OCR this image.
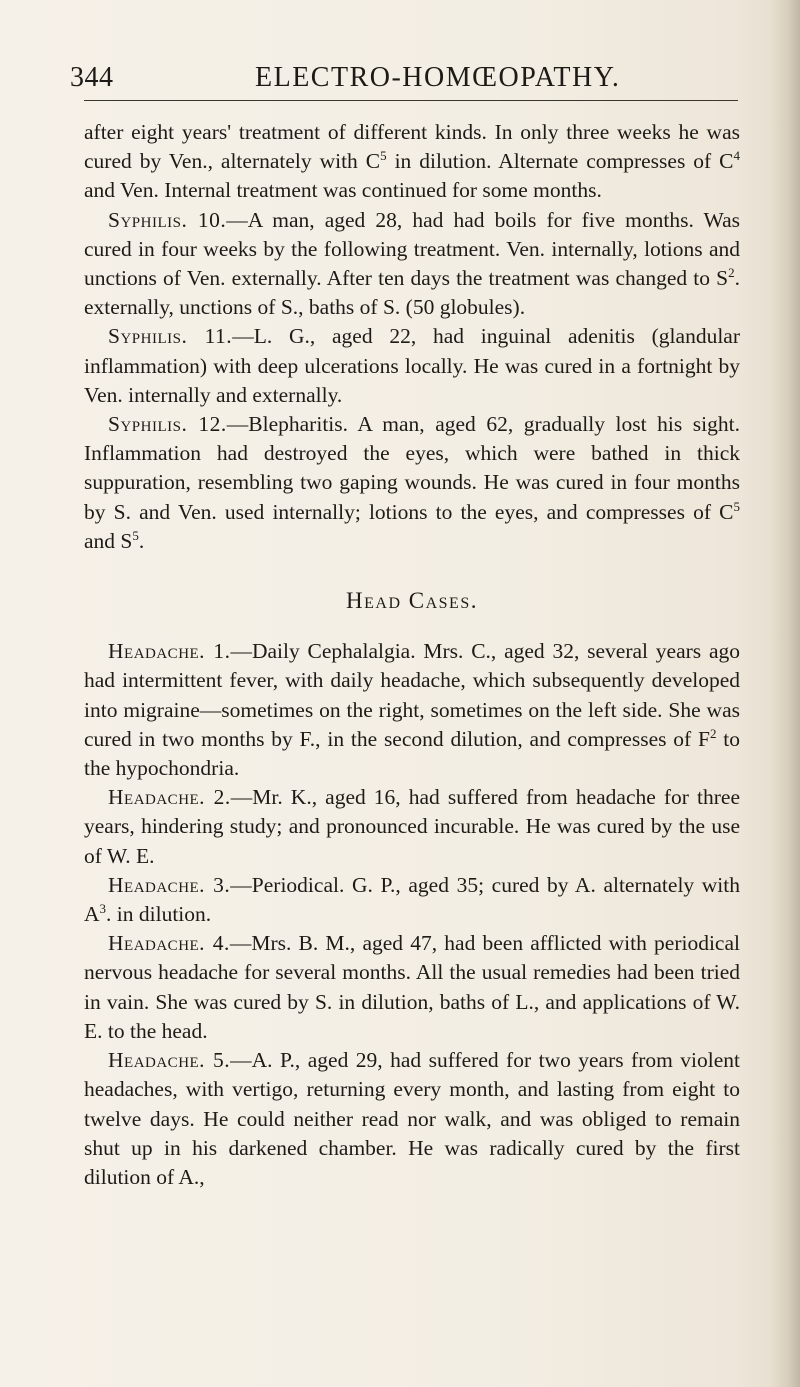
344	ELECTRO-HOMŒOPATHY.

after eight years' treatment of different kinds. In only three weeks he was cured by Ven., alternately with $C^5$ in dilution. Alternate compresses of $C^4$ and Ven. Internal treatment was continued for some months.

Syphilis. 10.—A man, aged 28, had had boils for five months. Was cured in four weeks by the following treatment. Ven. internally, lotions and unctions of Ven. externally. After ten days the treatment was changed to $S^2$. externally, unctions of S., baths of S. (50 globules).

Syphilis. 11.—L. G., aged 22, had inguinal adenitis (glandular inflammation) with deep ulcerations locally. He was cured in a fortnight by Ven. internally and externally.

Syphilis. 12.—Blepharitis. A man, aged 62, gradually lost his sight. Inflammation had destroyed the eyes, which were bathed in thick suppuration, resembling two gaping wounds. He was cured in four months by S. and Ven. used internally; lotions to the eyes, and compresses of $C^5$ and $S^5$.

Head Cases.

Headache. 1.—Daily Cephalalgia. Mrs. C., aged 32, several years ago had intermittent fever, with daily headache, which subsequently developed into migraine—sometimes on the right, sometimes on the left side. She was cured in two months by F., in the second dilution, and compresses of $F^2$ to the hypochondria.

Headache. 2.—Mr. K., aged 16, had suffered from headache for three years, hindering study; and pronounced incurable. He was cured by the use of W. E.

Headache. 3.—Periodical. G. P., aged 35; cured by A. alternately with $A^3$. in dilution.

Headache. 4.—Mrs. B. M., aged 47, had been afflicted with periodical nervous headache for several months. All the usual remedies had been tried in vain. She was cured by S. in dilution, baths of L., and applications of W. E. to the head.

Headache. 5.—A. P., aged 29, had suffered for two years from violent headaches, with vertigo, returning every month, and lasting from eight to twelve days. He could neither read nor walk, and was obliged to remain shut up in his darkened chamber. He was radically cured by the first dilution of A.,
